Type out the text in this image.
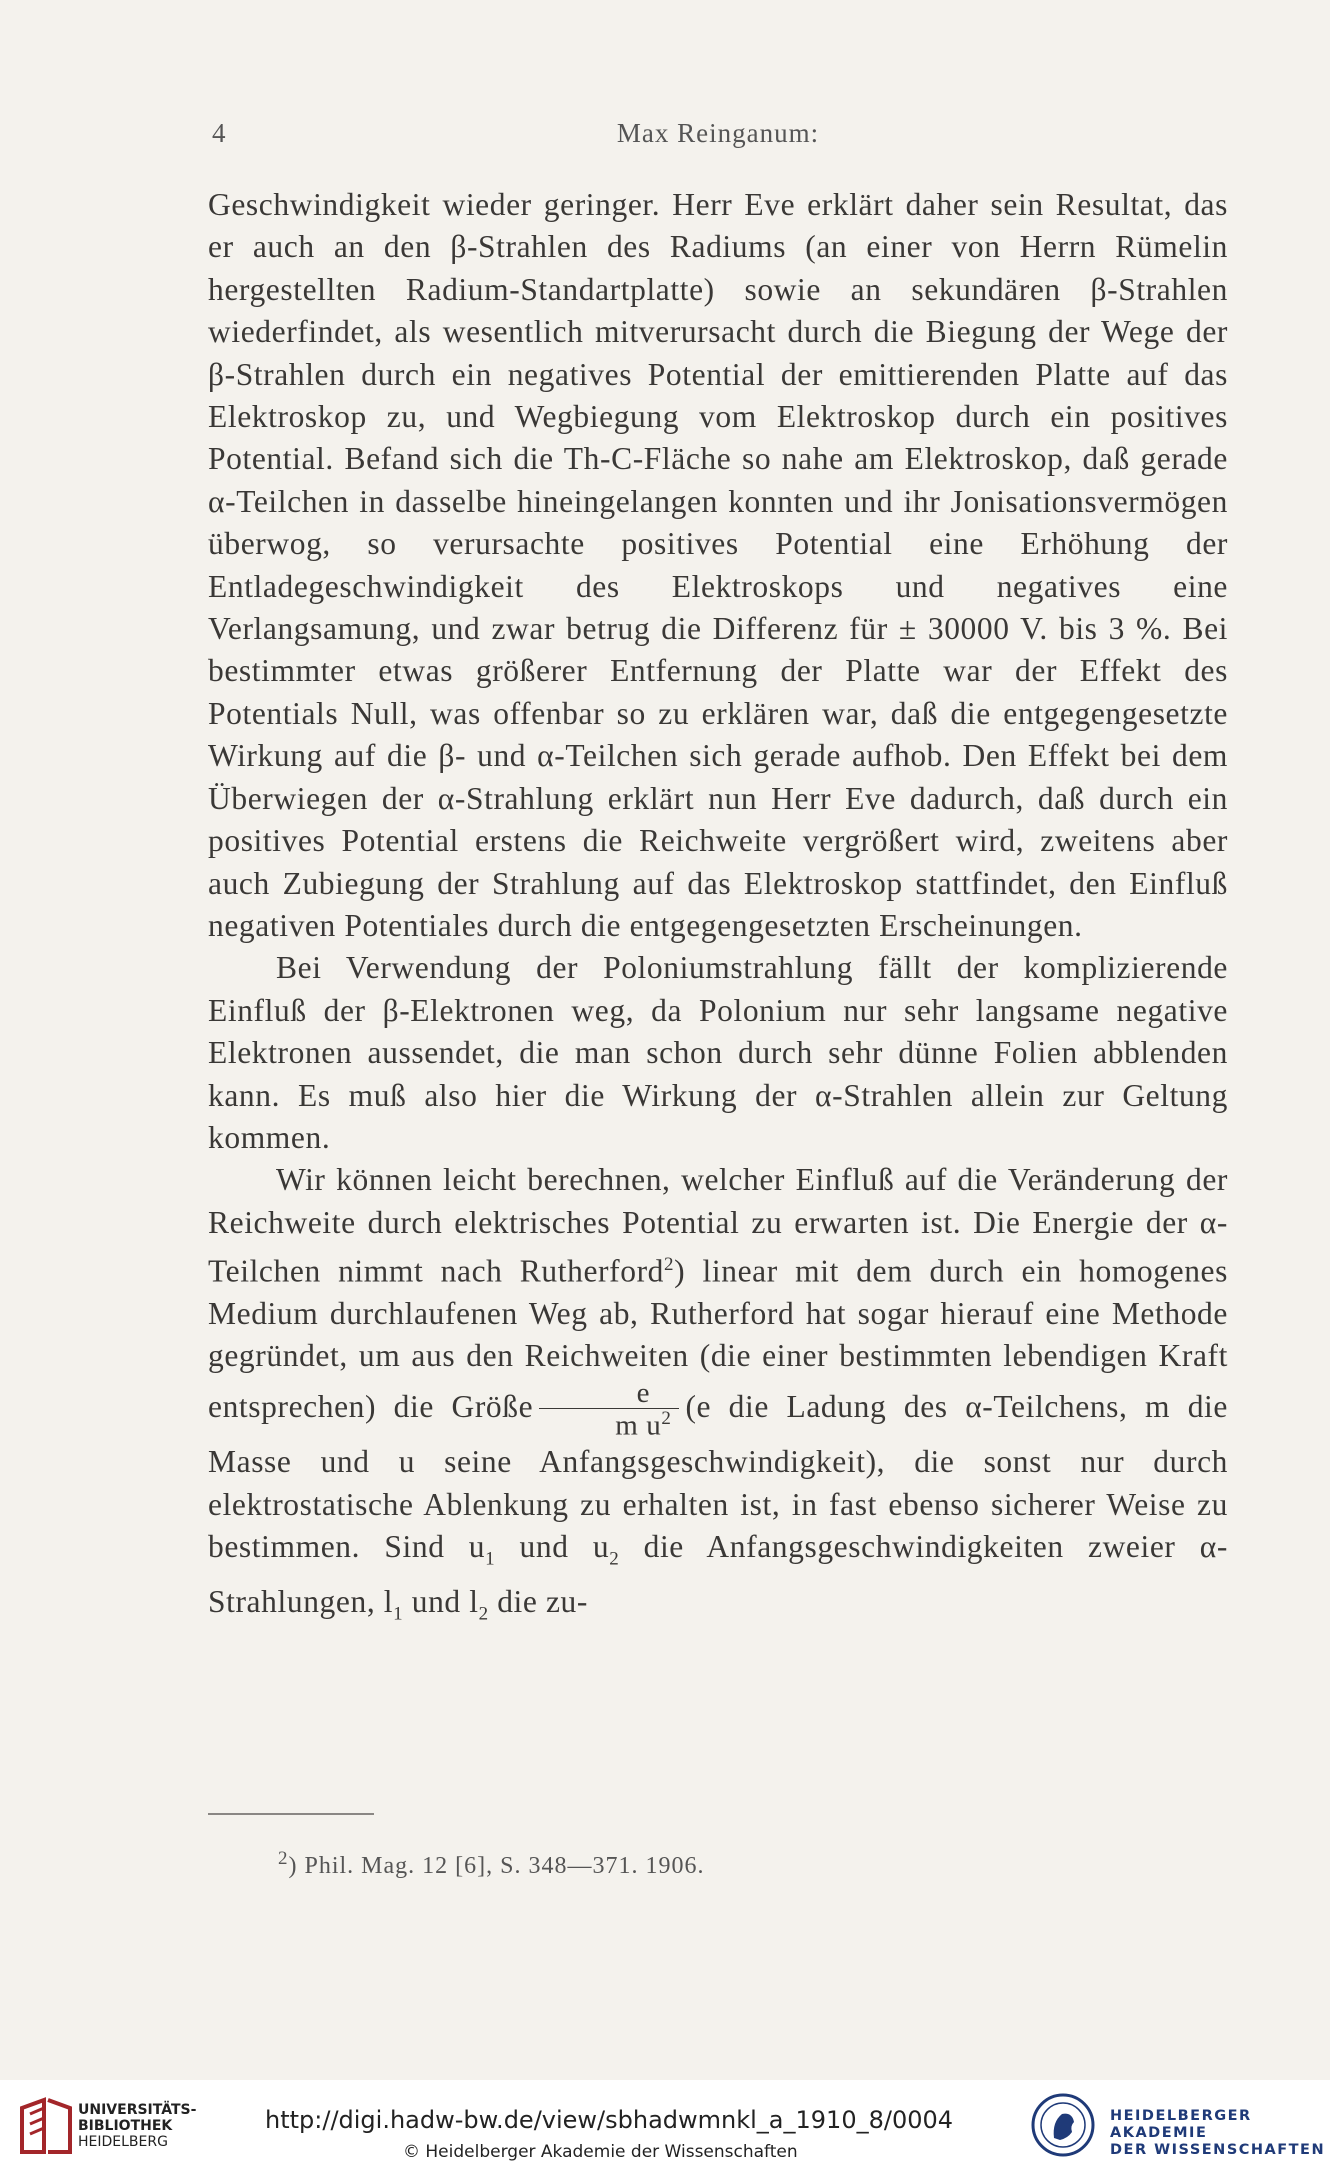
4	Max Reinganum:

Geschwindigkeit wieder geringer. Herr Eve erklärt daher sein Resultat, das er auch an den β-Strahlen des Radiums (an einer von Herrn Rümelin hergestellten Radium-Standartplatte) sowie an sekundären β-Strahlen wiederfindet, als wesentlich mitverursacht durch die Biegung der Wege der β-Strahlen durch ein negatives Potential der emittierenden Platte auf das Elektroskop zu, und Wegbiegung vom Elektroskop durch ein positives Potential. Befand sich die Th-C-Fläche so nahe am Elektroskop, daß gerade α-Teilchen in dasselbe hineingelangen konnten und ihr Jonisationsvermögen überwog, so verursachte positives Potential eine Erhöhung der Entladegeschwindigkeit des Elektroskops und negatives eine Verlangsamung, und zwar betrug die Differenz für ± 30000 V. bis 3 %. Bei bestimmter etwas größerer Entfernung der Platte war der Effekt des Potentials Null, was offenbar so zu erklären war, daß die entgegengesetzte Wirkung auf die β- und α-Teilchen sich gerade aufhob. Den Effekt bei dem Überwiegen der α-Strahlung erklärt nun Herr Eve dadurch, daß durch ein positives Potential erstens die Reichweite vergrößert wird, zweitens aber auch Zubiegung der Strahlung auf das Elektroskop stattfindet, den Einfluß negativen Potentiales durch die entgegengesetzten Erscheinungen.

Bei Verwendung der Poloniumstrahlung fällt der komplizierende Einfluß der β-Elektronen weg, da Polonium nur sehr langsame negative Elektronen aussendet, die man schon durch sehr dünne Folien abblenden kann. Es muß also hier die Wirkung der α-Strahlen allein zur Geltung kommen.

Wir können leicht berechnen, welcher Einfluß auf die Veränderung der Reichweite durch elektrisches Potential zu erwarten ist. Die Energie der α-Teilchen nimmt nach Rutherford$^2$) linear mit dem durch ein homogenes Medium durchlaufenen Weg ab, Rutherford hat sogar hierauf eine Methode gegründet, um aus den Reichweiten (die einer bestimmten lebendigen Kraft entsprechen) die Größe $\frac{e}{m u^2} (e$ die Ladung des α-Teilchens, m die Masse und u seine Anfangsgeschwindigkeit), die sonst nur durch elektrostatische Ablenkung zu erhalten ist, in fast ebenso sicherer Weise zu bestimmen. Sind $u_1$ und $u_2$ die Anfangsgeschwindigkeiten zweier α-Strahlungen, $l_1$ und $l_2$ die zu-

$^2$) Phil. Mag. 12 [6], S. 348—371. 1906.
UNIVERSITÄTS-
BIBLIOTHEK
HEIDELBERG
http://digi.hadw-bw.de/view/sbhadwmnkl_a_1910_8/0004
© Heidelberger Akademie der Wissenschaften
HEIDELBERGER AKADEMIE
DER WISSENSCHAFTEN
